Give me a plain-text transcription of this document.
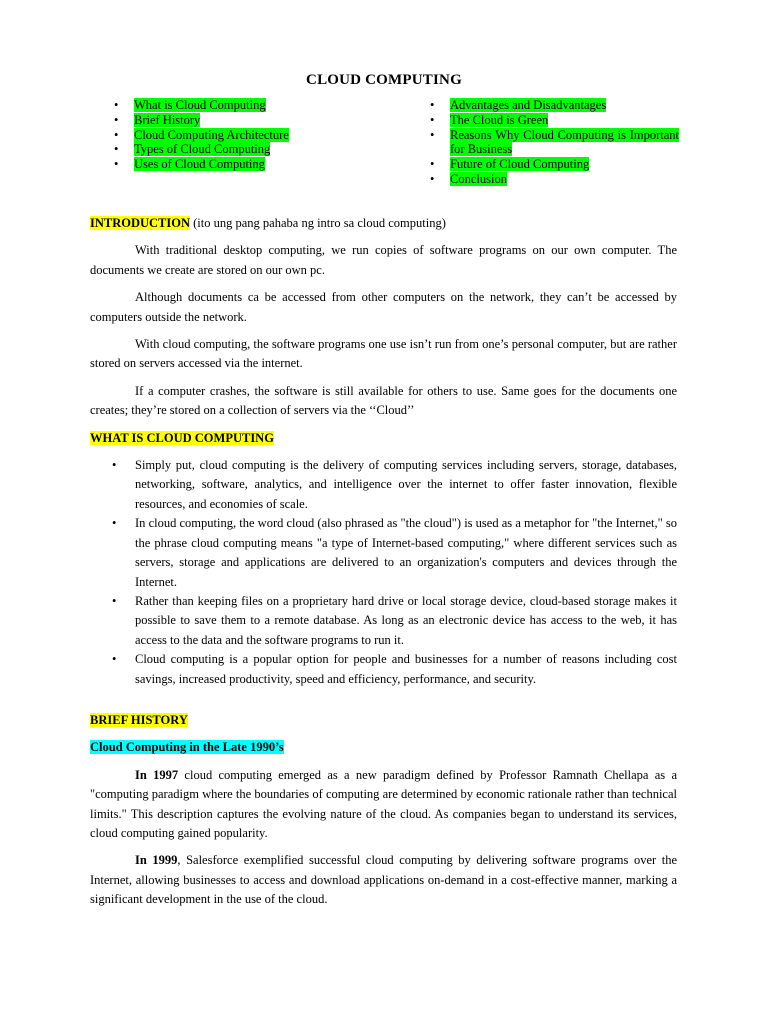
CLOUD COMPUTING
• What is Cloud Computing
• Brief History
• Cloud Computing Architecture
• Types of Cloud Computing
• Uses of Cloud Computing
• Advantages and Disadvantages
• The Cloud is Green
• Reasons Why Cloud Computing is Important for Business
• Future of Cloud Computing
• Conclusion

INTRODUCTION (ito ung pang pahaba ng intro sa cloud computing)

With traditional desktop computing, we run copies of software programs on our own computer. The documents we create are stored on our own pc.

Although documents ca be accessed from other computers on the network, they can’t be accessed by computers outside the network.

With cloud computing, the software programs one use isn’t run from one’s personal computer, but are rather stored on servers accessed via the internet.

If a computer crashes, the software is still available for others to use. Same goes for the documents one creates; they’re stored on a collection of servers via the ‘‘Cloud’’

WHAT IS CLOUD COMPUTING
• Simply put, cloud computing is the delivery of computing services including servers, storage, databases, networking, software, analytics, and intelligence over the internet to offer faster innovation, flexible resources, and economies of scale.
• In cloud computing, the word cloud (also phrased as "the cloud") is used as a metaphor for "the Internet," so the phrase cloud computing means "a type of Internet-based computing," where different services such as servers, storage and applications are delivered to an organization's computers and devices through the Internet.
• Rather than keeping files on a proprietary hard drive or local storage device, cloud-based storage makes it possible to save them to a remote database. As long as an electronic device has access to the web, it has access to the data and the software programs to run it.
• Cloud computing is a popular option for people and businesses for a number of reasons including cost savings, increased productivity, speed and efficiency, performance, and security.
BRIEF HISTORY
Cloud Computing in the Late 1990’s

In 1997 cloud computing emerged as a new paradigm defined by Professor Ramnath Chellapa as a "computing paradigm where the boundaries of computing are determined by economic rationale rather than technical limits." This description captures the evolving nature of the cloud. As companies began to understand its services, cloud computing gained popularity.

In 1999, Salesforce exemplified successful cloud computing by delivering software programs over the Internet, allowing businesses to access and download applications on-demand in a cost-effective manner, marking a significant development in the use of the cloud.
